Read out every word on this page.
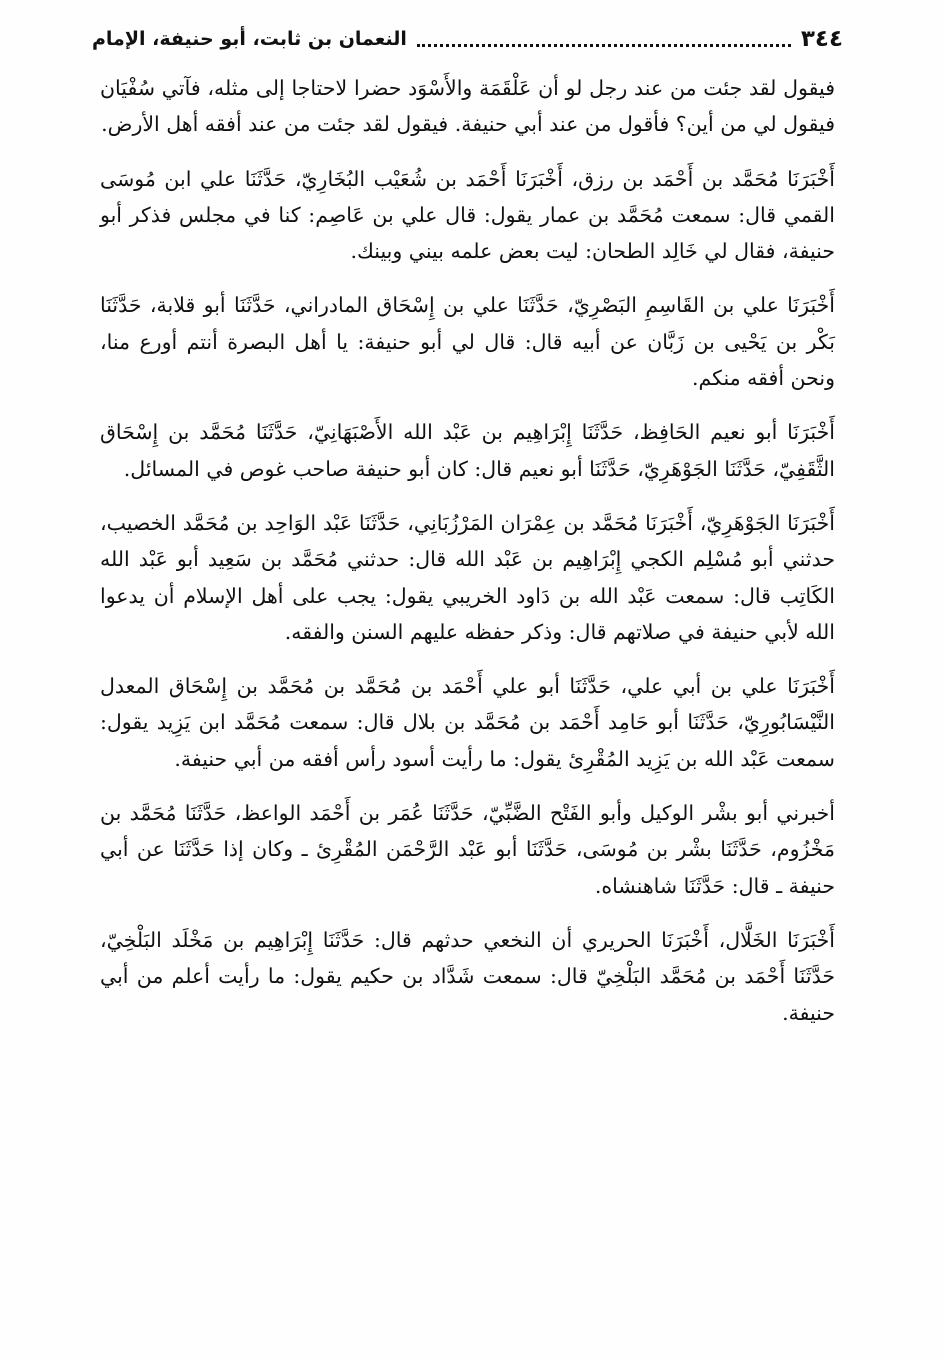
٣٤٤
النعمان بن ثابت، أبو حنيفة، الإمام

فيقول لقد جئت من عند رجل لو أن عَلْقَمَة والأَسْوَد حضرا لاحتاجا إلى مثله، فآتي سُفْيَان فيقول لي من أين؟ فأقول من عند أبي حنيفة. فيقول لقد جئت من عند أفقه أهل الأرض.

أَخْبَرَنَا مُحَمَّد بن أَحْمَد بن رزق، أَخْبَرَنَا أَحْمَد بن شُعَيْب البُخَارِيّ، حَدَّثَنَا علي ابن مُوسَى القمي قال: سمعت مُحَمَّد بن عمار يقول: قال علي بن عَاصِم: كنا في مجلس فذكر أبو حنيفة، فقال لي خَالِد الطحان: ليت بعض علمه بيني وبينك.

أَخْبَرَنَا علي بن القَاسِمِ البَصْرِيّ، حَدَّثَنَا علي بن إِسْحَاق المادراني، حَدَّثَنَا أبو قلابة، حَدَّثَنَا بَكْر بن يَحْيى بن زَبَّان عن أبيه قال: قال لي أبو حنيفة: يا أهل البصرة أنتم أورع منا، ونحن أفقه منكم.

أَخْبَرَنَا أبو نعيم الحَافِظ، حَدَّثَنَا إِبْرَاهِيم بن عَبْد الله الأَصْبَهَانِيّ، حَدَّثَنَا مُحَمَّد بن إِسْحَاق الثَّقَفِيّ، حَدَّثَنَا الجَوْهَرِيّ، حَدَّثَنَا أبو نعيم قال: كان أبو حنيفة صاحب غوص في المسائل.

أَخْبَرَنَا الجَوْهَرِيّ، أَخْبَرَنَا مُحَمَّد بن عِمْرَان المَرْزُبَانِي، حَدَّثَنَا عَبْد الوَاحِد بن مُحَمَّد الخصيب، حدثني أبو مُسْلِم الكجي إِبْرَاهِيم بن عَبْد الله قال: حدثني مُحَمَّد بن سَعِيد أبو عَبْد الله الكَاتِب قال: سمعت عَبْد الله بن دَاود الخريبي يقول: يجب على أهل الإسلام أن يدعوا الله لأبي حنيفة في صلاتهم قال: وذكر حفظه عليهم السنن والفقه.

أَخْبَرَنَا علي بن أبي علي، حَدَّثَنَا أبو علي أَحْمَد بن مُحَمَّد بن مُحَمَّد بن إِسْحَاق المعدل النَّيْسَابُورِيّ، حَدَّثَنَا أبو حَامِد أَحْمَد بن مُحَمَّد بن بلال قال: سمعت مُحَمَّد ابن يَزِيد يقول: سمعت عَبْد الله بن يَزِيد المُقْرِئ يقول: ما رأيت أسود رأس أفقه من أبي حنيفة.

أخبرني أبو بشْر الوكيل وأبو الفَتْح الضَّبِّيّ، حَدَّثَنَا عُمَر بن أَحْمَد الواعظ، حَدَّثَنَا مُحَمَّد بن مَخْزُوم، حَدَّثَنَا بشْر بن مُوسَى، حَدَّثَنَا أبو عَبْد الرَّحْمَن المُقْرِئ ـ وكان إذا حَدَّثَنَا عن أبي حنيفة ـ قال: حَدَّثَنَا شاهنشاه.

أَخْبَرَنَا الخَلَّال، أَخْبَرَنَا الحريري أن النخعي حدثهم قال: حَدَّثَنَا إِبْرَاهِيم بن مَخْلَد البَلْخِيّ، حَدَّثَنَا أَحْمَد بن مُحَمَّد البَلْخِيّ قال: سمعت شَدَّاد بن حكيم يقول: ما رأيت أعلم من أبي حنيفة.
